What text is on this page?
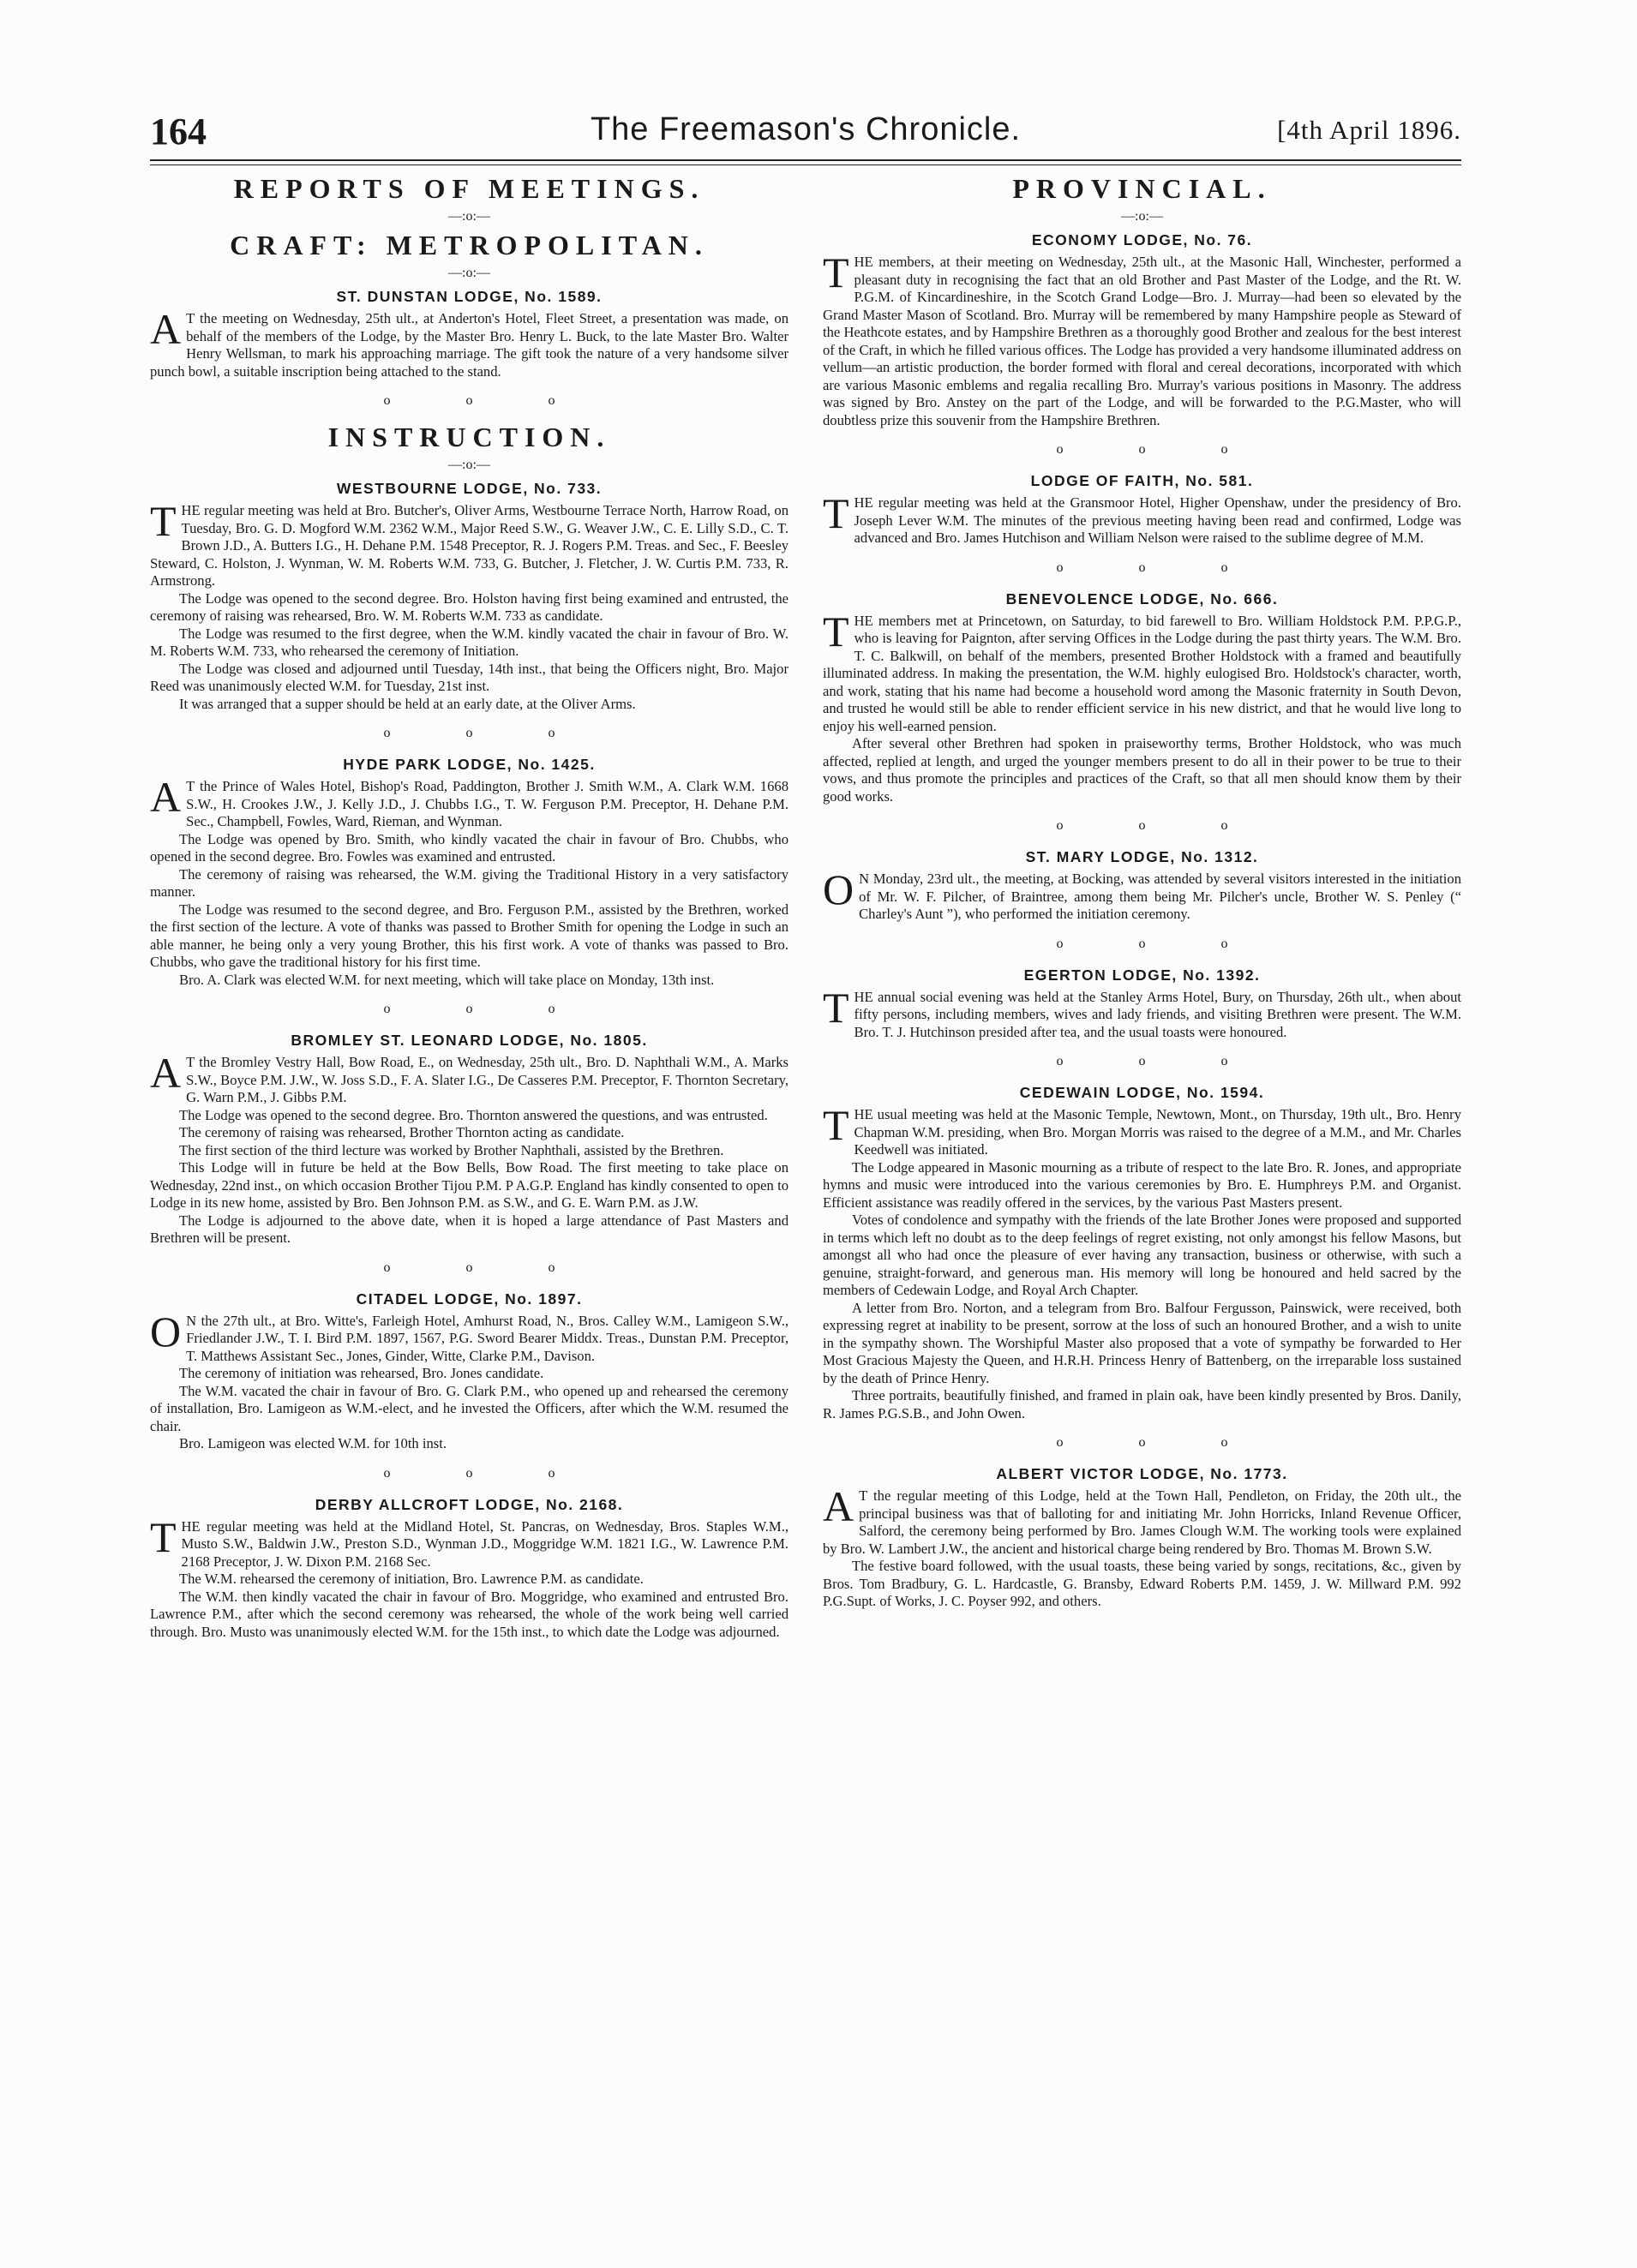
164	The Freemason's Chronicle.	[4th April 1896.
REPORTS OF MEETINGS.

—:o:—

CRAFT: METROPOLITAN.

—:o:—

ST. DUNSTAN LODGE, No. 1589.

A T the meeting on Wednesday, 25th ult., at Anderton's Hotel, Fleet Street, a presentation was made, on behalf of the members of the Lodge, by the Master Bro. Henry L. Buck, to the late Master Bro. Walter Henry Wellsman, to mark his approaching marriage. The gift took the nature of a very handsome silver punch bowl, a suitable inscription being attached to the stand.

o o o

INSTRUCTION.

—:o:—

WESTBOURNE LODGE, No. 733.

THE regular meeting was held at Bro. Butcher's, Oliver Arms, Westbourne Terrace North, Harrow Road, on Tuesday, Bro. G. D. Mogford W.M. 2362 W.M., Major Reed S.W., G. Weaver J.W., C. E. Lilly S.D., C. T. Brown J.D., A. Butters I.G., H. Dehane P.M. 1548 Preceptor, R. J. Rogers P.M. Treas. and Sec., F. Beesley Steward, C. Holston, J. Wynman, W. M. Roberts W.M. 733, G. Butcher, J. Fletcher, J. W. Curtis P.M. 733, R. Armstrong.

The Lodge was opened to the second degree. Bro. Holston having first being examined and entrusted, the ceremony of raising was rehearsed, Bro. W. M. Roberts W.M. 733 as candidate.

The Lodge was resumed to the first degree, when the W.M. kindly vacated the chair in favour of Bro. W. M. Roberts W.M. 733, who rehearsed the ceremony of Initiation.

The Lodge was closed and adjourned until Tuesday, 14th inst., that being the Officers night, Bro. Major Reed was unanimously elected W.M. for Tuesday, 21st inst.

It was arranged that a supper should be held at an early date, at the Oliver Arms.

o o o

HYDE PARK LODGE, No. 1425.

A T the Prince of Wales Hotel, Bishop's Road, Paddington, Brother J. Smith W.M., A. Clark W.M. 1668 S.W., H. Crookes J.W., J. Kelly J.D., J. Chubbs I.G., T. W. Ferguson P.M. Preceptor, H. Dehane P.M. Sec., Champbell, Fowles, Ward, Rieman, and Wynman.

The Lodge was opened by Bro. Smith, who kindly vacated the chair in favour of Bro. Chubbs, who opened in the second degree. Bro. Fowles was examined and entrusted.

The ceremony of raising was rehearsed, the W.M. giving the Traditional History in a very satisfactory manner.

The Lodge was resumed to the second degree, and Bro. Ferguson P.M., assisted by the Brethren, worked the first section of the lecture. A vote of thanks was passed to Brother Smith for opening the Lodge in such an able manner, he being only a very young Brother, this his first work. A vote of thanks was passed to Bro. Chubbs, who gave the traditional history for his first time.

Bro. A. Clark was elected W.M. for next meeting, which will take place on Monday, 13th inst.

o o o

BROMLEY ST. LEONARD LODGE, No. 1805.

A T the Bromley Vestry Hall, Bow Road, E., on Wednesday, 25th ult., Bro. D. Naphthali W.M., A. Marks S.W., Boyce P.M. J.W., W. Joss S.D., F. A. Slater I.G., De Casseres P.M. Preceptor, F. Thornton Secretary, G. Warn P.M., J. Gibbs P.M.

The Lodge was opened to the second degree. Bro. Thornton answered the questions, and was entrusted.

The ceremony of raising was rehearsed, Brother Thornton acting as candidate.

The first section of the third lecture was worked by Brother Naphthali, assisted by the Brethren.

This Lodge will in future be held at the Bow Bells, Bow Road. The first meeting to take place on Wednesday, 22nd inst., on which occasion Brother Tijou P.M. P A.G.P. England has kindly consented to open to Lodge in its new home, assisted by Bro. Ben Johnson P.M. as S.W., and G. E. Warn P.M. as J.W.

The Lodge is adjourned to the above date, when it is hoped a large attendance of Past Masters and Brethren will be present.

o o o

CITADEL LODGE, No. 1897.

O N the 27th ult., at Bro. Witte's, Farleigh Hotel, Amhurst Road, N., Bros. Calley W.M., Lamigeon S.W., Friedlander J.W., T. I. Bird P.M. 1897, 1567, P.G. Sword Bearer Middx. Treas., Dunstan P.M. Preceptor, T. Matthews Assistant Sec., Jones, Ginder, Witte, Clarke P.M., Davison.

The ceremony of initiation was rehearsed, Bro. Jones candidate.

The W.M. vacated the chair in favour of Bro. G. Clark P.M., who opened up and rehearsed the ceremony of installation, Bro. Lamigeon as W.M.-elect, and he invested the Officers, after which the W.M. resumed the chair.

Bro. Lamigeon was elected W.M. for 10th inst.

o o o

DERBY ALLCROFT LODGE, No. 2168.

THE regular meeting was held at the Midland Hotel, St. Pancras, on Wednesday, Bros. Staples W.M., Musto S.W., Baldwin J.W., Preston S.D., Wynman J.D., Moggridge W.M. 1821 I.G., W. Lawrence P.M. 2168 Preceptor, J. W. Dixon P.M. 2168 Sec.

The W.M. rehearsed the ceremony of initiation, Bro. Lawrence P.M. as candidate.

The W.M. then kindly vacated the chair in favour of Bro. Moggridge, who examined and entrusted Bro. Lawrence P.M., after which the second ceremony was rehearsed, the whole of the work being well carried through. Bro. Musto was unanimously elected W.M. for the 15th inst., to which date the Lodge was adjourned.

PROVINCIAL.

—:o:—

ECONOMY LODGE, No. 76.

THE members, at their meeting on Wednesday, 25th ult., at the Masonic Hall, Winchester, performed a pleasant duty in recognising the fact that an old Brother and Past Master of the Lodge, and the Rt. W. P.G.M. of Kincardineshire, in the Scotch Grand Lodge—Bro. J. Murray—had been so elevated by the Grand Master Mason of Scotland. Bro. Murray will be remembered by many Hampshire people as Steward of the Heathcote estates, and by Hampshire Brethren as a thoroughly good Brother and zealous for the best interest of the Craft, in which he filled various offices. The Lodge has provided a very handsome illuminated address on vellum—an artistic production, the border formed with floral and cereal decorations, incorporated with which are various Masonic emblems and regalia recalling Bro. Murray's various positions in Masonry. The address was signed by Bro. Anstey on the part of the Lodge, and will be forwarded to the P.G.Master, who will doubtless prize this souvenir from the Hampshire Brethren.

o o o

LODGE OF FAITH, No. 581.

THE regular meeting was held at the Gransmoor Hotel, Higher Openshaw, under the presidency of Bro. Joseph Lever W.M. The minutes of the previous meeting having been read and confirmed, Lodge was advanced and Bro. James Hutchison and William Nelson were raised to the sublime degree of M.M.

o o o

BENEVOLENCE LODGE, No. 666.

THE members met at Princetown, on Saturday, to bid farewell to Bro. William Holdstock P.M. P.P.G.P., who is leaving for Paignton, after serving Offices in the Lodge during the past thirty years. The W.M. Bro. T. C. Balkwill, on behalf of the members, presented Brother Holdstock with a framed and beautifully illuminated address. In making the presentation, the W.M. highly eulogised Bro. Holdstock's character, worth, and work, stating that his name had become a household word among the Masonic fraternity in South Devon, and trusted he would still be able to render efficient service in his new district, and that he would live long to enjoy his well-earned pension.

After several other Brethren had spoken in praiseworthy terms, Brother Holdstock, who was much affected, replied at length, and urged the younger members present to do all in their power to be true to their vows, and thus promote the principles and practices of the Craft, so that all men should know them by their good works.

o o o

ST. MARY LODGE, No. 1312.

O N Monday, 23rd ult., the meeting, at Bocking, was attended by several visitors interested in the initiation of Mr. W. F. Pilcher, of Braintree, among them being Mr. Pilcher's uncle, Brother W. S. Penley (“ Charley's Aunt ”), who performed the initiation ceremony.

o o o

EGERTON LODGE, No. 1392.

THE annual social evening was held at the Stanley Arms Hotel, Bury, on Thursday, 26th ult., when about fifty persons, including members, wives and lady friends, and visiting Brethren were present. The W.M. Bro. T. J. Hutchinson presided after tea, and the usual toasts were honoured.

o o o

CEDEWAIN LODGE, No. 1594.

THE usual meeting was held at the Masonic Temple, Newtown, Mont., on Thursday, 19th ult., Bro. Henry Chapman W.M. presiding, when Bro. Morgan Morris was raised to the degree of a M.M., and Mr. Charles Keedwell was initiated.

The Lodge appeared in Masonic mourning as a tribute of respect to the late Bro. R. Jones, and appropriate hymns and music were introduced into the various ceremonies by Bro. E. Humphreys P.M. and Organist. Efficient assistance was readily offered in the services, by the various Past Masters present.

Votes of condolence and sympathy with the friends of the late Brother Jones were proposed and supported in terms which left no doubt as to the deep feelings of regret existing, not only amongst his fellow Masons, but amongst all who had once the pleasure of ever having any transaction, business or otherwise, with such a genuine, straight-forward, and generous man. His memory will long be honoured and held sacred by the members of Cedewain Lodge, and Royal Arch Chapter.

A letter from Bro. Norton, and a telegram from Bro. Balfour Fergusson, Painswick, were received, both expressing regret at inability to be present, sorrow at the loss of such an honoured Brother, and a wish to unite in the sympathy shown. The Worshipful Master also proposed that a vote of sympathy be forwarded to Her Most Gracious Majesty the Queen, and H.R.H. Princess Henry of Battenberg, on the irreparable loss sustained by the death of Prince Henry.

Three portraits, beautifully finished, and framed in plain oak, have been kindly presented by Bros. Danily, R. James P.G.S.B., and John Owen.

o o o

ALBERT VICTOR LODGE, No. 1773.

A T the regular meeting of this Lodge, held at the Town Hall, Pendleton, on Friday, the 20th ult., the principal business was that of balloting for and initiating Mr. John Horricks, Inland Revenue Officer, Salford, the ceremony being performed by Bro. James Clough W.M. The working tools were explained by Bro. W. Lambert J.W., the ancient and historical charge being rendered by Bro. Thomas M. Brown S.W.

The festive board followed, with the usual toasts, these being varied by songs, recitations, &c., given by Bros. Tom Bradbury, G. L. Hardcastle, G. Bransby, Edward Roberts P.M. 1459, J. W. Millward P.M. 992 P.G.Supt. of Works, J. C. Poyser 992, and others.
